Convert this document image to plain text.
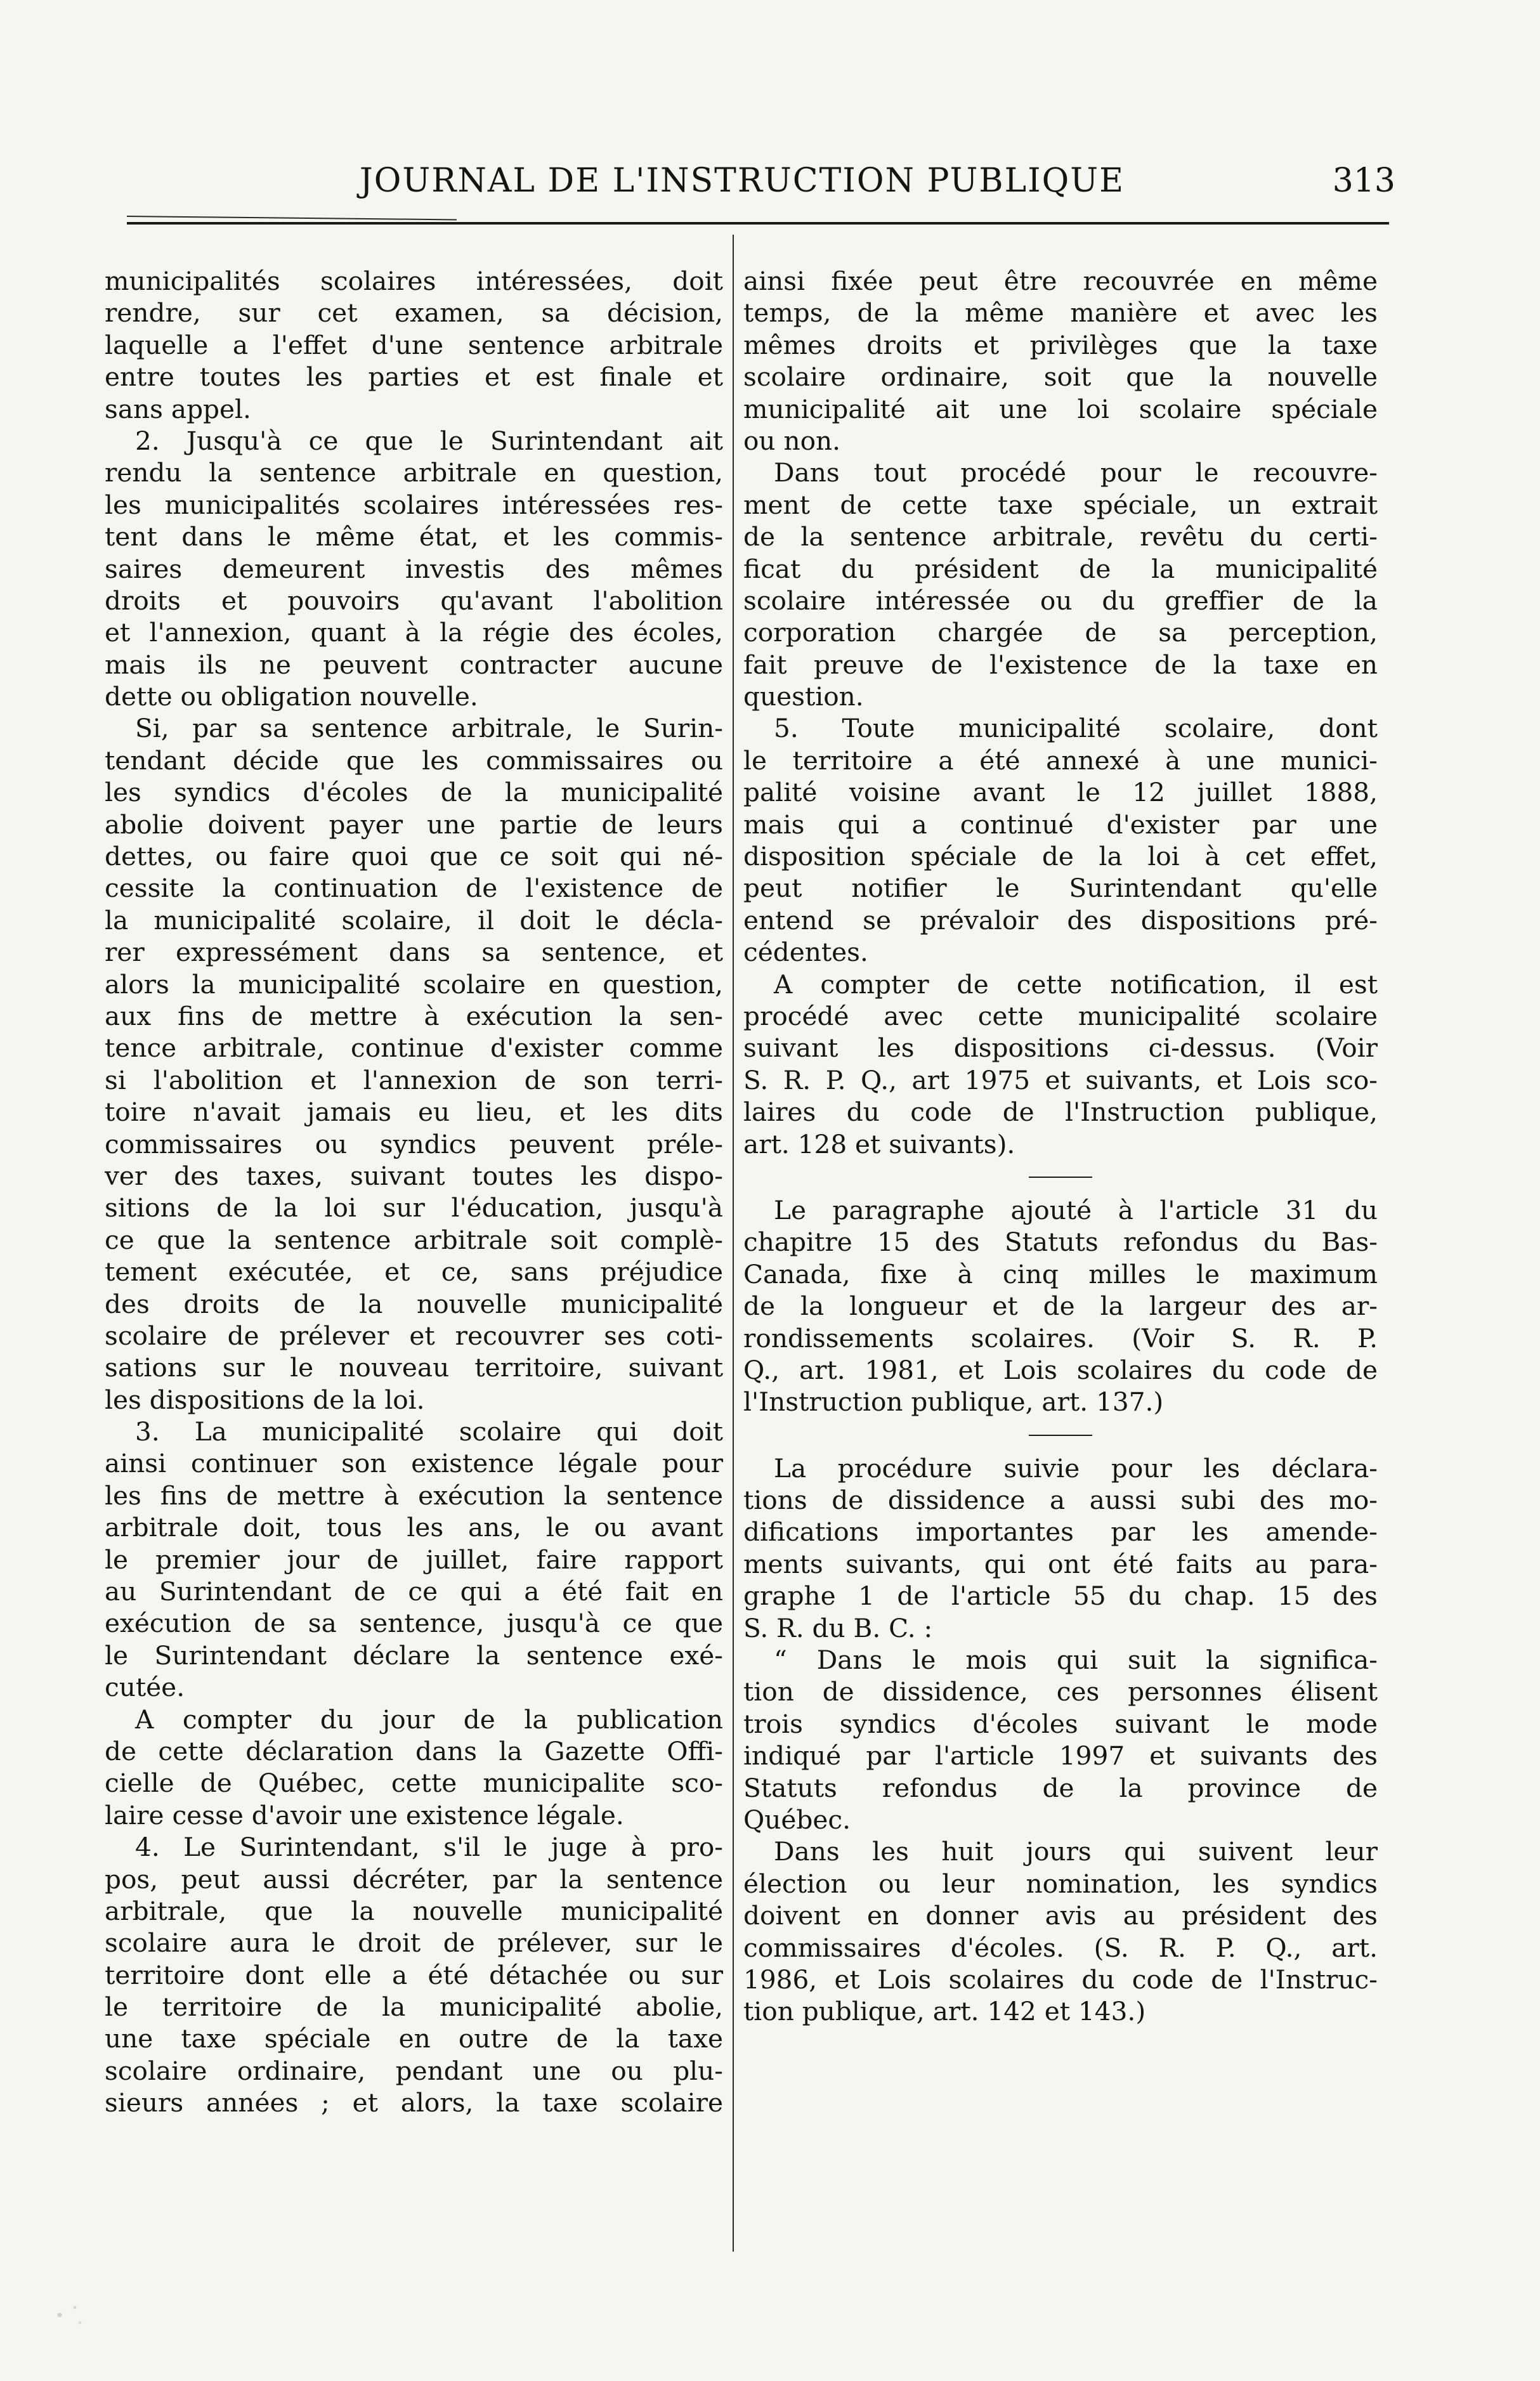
JOURNAL DE L'INSTRUCTION PUBLIQUE	313
municipalités scolaires intéressées, doit
rendre, sur cet examen, sa décision,
laquelle a l'effet d'une sentence arbitrale
entre toutes les parties et est finale et
sans appel.
2. Jusqu'à ce que le Surintendant ait
rendu la sentence arbitrale en question,
les municipalités scolaires intéressées res-
tent dans le même état, et les commis-
saires demeurent investis des mêmes
droits et pouvoirs qu'avant l'abolition
et l'annexion, quant à la régie des écoles,
mais ils ne peuvent contracter aucune
dette ou obligation nouvelle.
Si, par sa sentence arbitrale, le Surin-
tendant décide que les commissaires ou
les syndics d'écoles de la municipalité
abolie doivent payer une partie de leurs
dettes, ou faire quoi que ce soit qui né-
cessite la continuation de l'existence de
la municipalité scolaire, il doit le décla-
rer expressément dans sa sentence, et
alors la municipalité scolaire en question,
aux fins de mettre à exécution la sen-
tence arbitrale, continue d'exister comme
si l'abolition et l'annexion de son terri-
toire n'avait jamais eu lieu, et les dits
commissaires ou syndics peuvent préle-
ver des taxes, suivant toutes les dispo-
sitions de la loi sur l'éducation, jusqu'à
ce que la sentence arbitrale soit complè-
tement exécutée, et ce, sans préjudice
des droits de la nouvelle municipalité
scolaire de prélever et recouvrer ses coti-
sations sur le nouveau territoire, suivant
les dispositions de la loi.
3. La municipalité scolaire qui doit
ainsi continuer son existence légale pour
les fins de mettre à exécution la sentence
arbitrale doit, tous les ans, le ou avant
le premier jour de juillet, faire rapport
au Surintendant de ce qui a été fait en
exécution de sa sentence, jusqu'à ce que
le Surintendant déclare la sentence exé-
cutée.
A compter du jour de la publication
de cette déclaration dans la Gazette Offi-
cielle de Québec, cette municipalite sco-
laire cesse d'avoir une existence légale.
4. Le Surintendant, s'il le juge à pro-
pos, peut aussi décréter, par la sentence
arbitrale, que la nouvelle municipalité
scolaire aura le droit de prélever, sur le
territoire dont elle a été détachée ou sur
le territoire de la municipalité abolie,
une taxe spéciale en outre de la taxe
scolaire ordinaire, pendant une ou plu-
sieurs années ; et alors, la taxe scolaire
ainsi fixée peut être recouvrée en même
temps, de la même manière et avec les
mêmes droits et privilèges que la taxe
scolaire ordinaire, soit que la nouvelle
municipalité ait une loi scolaire spéciale
ou non.
Dans tout procédé pour le recouvre-
ment de cette taxe spéciale, un extrait
de la sentence arbitrale, revêtu du certi-
ficat du président de la municipalité
scolaire intéressée ou du greffier de la
corporation chargée de sa perception,
fait preuve de l'existence de la taxe en
question.
5. Toute municipalité scolaire, dont
le territoire a été annexé à une munici-
palité voisine avant le 12 juillet 1888,
mais qui a continué d'exister par une
disposition spéciale de la loi à cet effet,
peut notifier le Surintendant qu'elle
entend se prévaloir des dispositions pré-
cédentes.
A compter de cette notification, il est
procédé avec cette municipalité scolaire
suivant les dispositions ci-dessus. (Voir
S. R. P. Q., art 1975 et suivants, et Lois sco-
laires du code de l'Instruction publique,
art. 128 et suivants).
Le paragraphe ajouté à l'article 31 du
chapitre 15 des Statuts refondus du Bas-
Canada, fixe à cinq milles le maximum
de la longueur et de la largeur des ar-
rondissements scolaires. (Voir S. R. P.
Q., art. 1981, et Lois scolaires du code de
l'Instruction publique, art. 137.)
La procédure suivie pour les déclara-
tions de dissidence a aussi subi des mo-
difications importantes par les amende-
ments suivants, qui ont été faits au para-
graphe 1 de l'article 55 du chap. 15 des
S. R. du B. C. :
“ Dans le mois qui suit la significa-
tion de dissidence, ces personnes élisent
trois syndics d'écoles suivant le mode
indiqué par l'article 1997 et suivants des
Statuts refondus de la province de
Québec.
Dans les huit jours qui suivent leur
élection ou leur nomination, les syndics
doivent en donner avis au président des
commissaires d'écoles. (S. R. P. Q., art.
1986, et Lois scolaires du code de l'Instruc-
tion publique, art. 142 et 143.)
